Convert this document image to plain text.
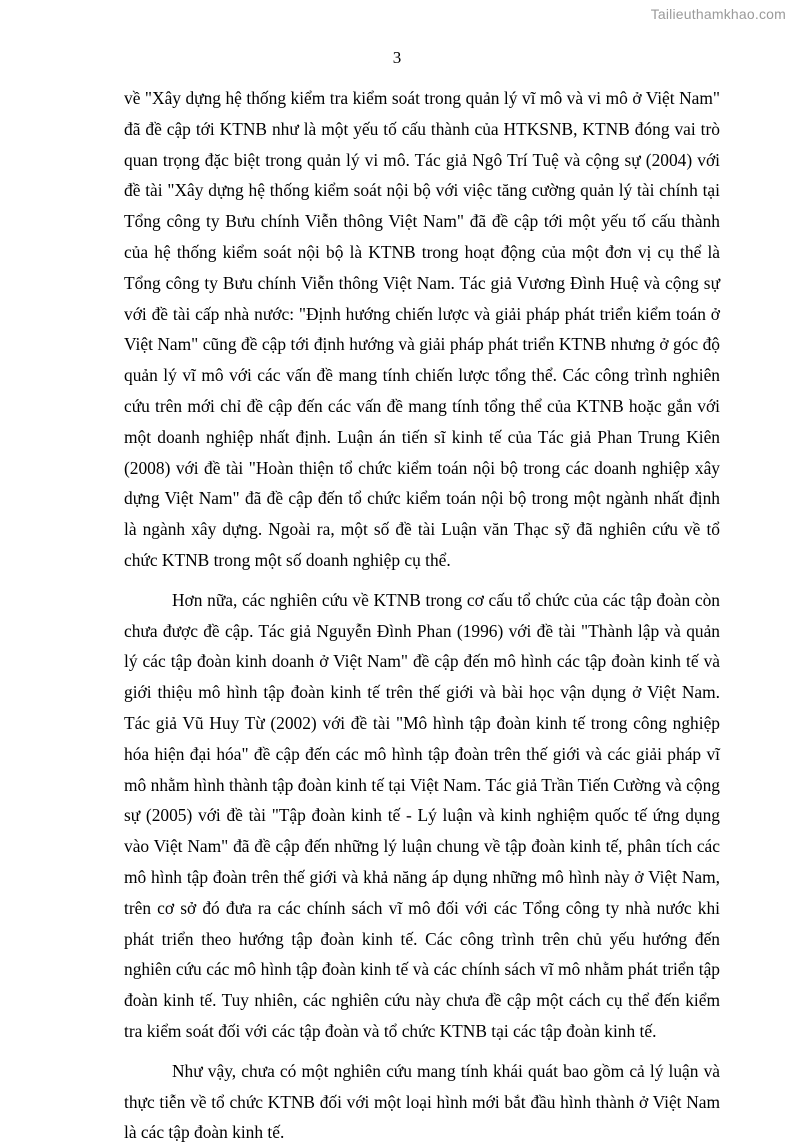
Tailieuthamkhao.com
3

về "Xây dựng hệ thống kiểm tra kiểm soát trong quản lý vĩ mô và vi mô ở Việt Nam" đã đề cập tới KTNB như là một yếu tố cấu thành của HTKSNB, KTNB đóng vai trò quan trọng đặc biệt trong quản lý vi mô. Tác giả Ngô Trí Tuệ và cộng sự (2004) với đề tài "Xây dựng hệ thống kiểm soát nội bộ với việc tăng cường quản lý tài chính tại Tổng công ty Bưu chính Viễn thông Việt Nam" đã đề cập tới một yếu tố cấu thành của hệ thống kiểm soát nội bộ là KTNB trong hoạt động của một đơn vị cụ thể là Tổng công ty Bưu chính Viễn thông Việt Nam. Tác giả Vương Đình Huệ và cộng sự với đề tài cấp nhà nước: "Định hướng chiến lược và giải pháp phát triển kiểm toán ở Việt Nam" cũng đề cập tới định hướng và giải pháp phát triển KTNB nhưng ở góc độ quản lý vĩ mô với các vấn đề mang tính chiến lược tổng thể. Các công trình nghiên cứu trên mới chỉ đề cập đến các vấn đề mang tính tổng thể của KTNB hoặc gắn với một doanh nghiệp nhất định. Luận án tiến sĩ kinh tế của Tác giả Phan Trung Kiên (2008) với đề tài "Hoàn thiện tổ chức kiểm toán nội bộ trong các doanh nghiệp xây dựng Việt Nam" đã đề cập đến tổ chức kiểm toán nội bộ trong một ngành nhất định là ngành xây dựng. Ngoài ra, một số đề tài Luận văn Thạc sỹ đã nghiên cứu về tổ chức KTNB trong một số doanh nghiệp cụ thể.

Hơn nữa, các nghiên cứu về KTNB trong cơ cấu tổ chức của các tập đoàn còn chưa được đề cập. Tác giả Nguyễn Đình Phan (1996) với đề tài "Thành lập và quản lý các tập đoàn kinh doanh ở Việt Nam" đề cập đến mô hình các tập đoàn kinh tế và giới thiệu mô hình tập đoàn kinh tế trên thế giới và bài học vận dụng ở Việt Nam. Tác giả Vũ Huy Từ (2002) với đề tài "Mô hình tập đoàn kinh tế trong công nghiệp hóa hiện đại hóa" đề cập đến các mô hình tập đoàn trên thế giới và các giải pháp vĩ mô nhằm hình thành tập đoàn kinh tế tại Việt Nam. Tác giả Trần Tiến Cường và cộng sự (2005) với đề tài "Tập đoàn kinh tế - Lý luận và kinh nghiệm quốc tế ứng dụng vào Việt Nam" đã đề cập đến những lý luận chung về tập đoàn kinh tế, phân tích các mô hình tập đoàn trên thế giới và khả năng áp dụng những mô hình này ở Việt Nam, trên cơ sở đó đưa ra các chính sách vĩ mô đối với các Tổng công ty nhà nước khi phát triển theo hướng tập đoàn kinh tế. Các công trình trên chủ yếu hướng đến nghiên cứu các mô hình tập đoàn kinh tế và các chính sách vĩ mô nhằm phát triển tập đoàn kinh tế. Tuy nhiên, các nghiên cứu này chưa đề cập một cách cụ thể đến kiểm tra kiểm soát đối với các tập đoàn và tổ chức KTNB tại các tập đoàn kinh tế.

Như vậy, chưa có một nghiên cứu mang tính khái quát bao gồm cả lý luận và thực tiễn về tổ chức KTNB đối với một loại hình mới bắt đầu hình thành ở Việt Nam là các tập đoàn kinh tế.
